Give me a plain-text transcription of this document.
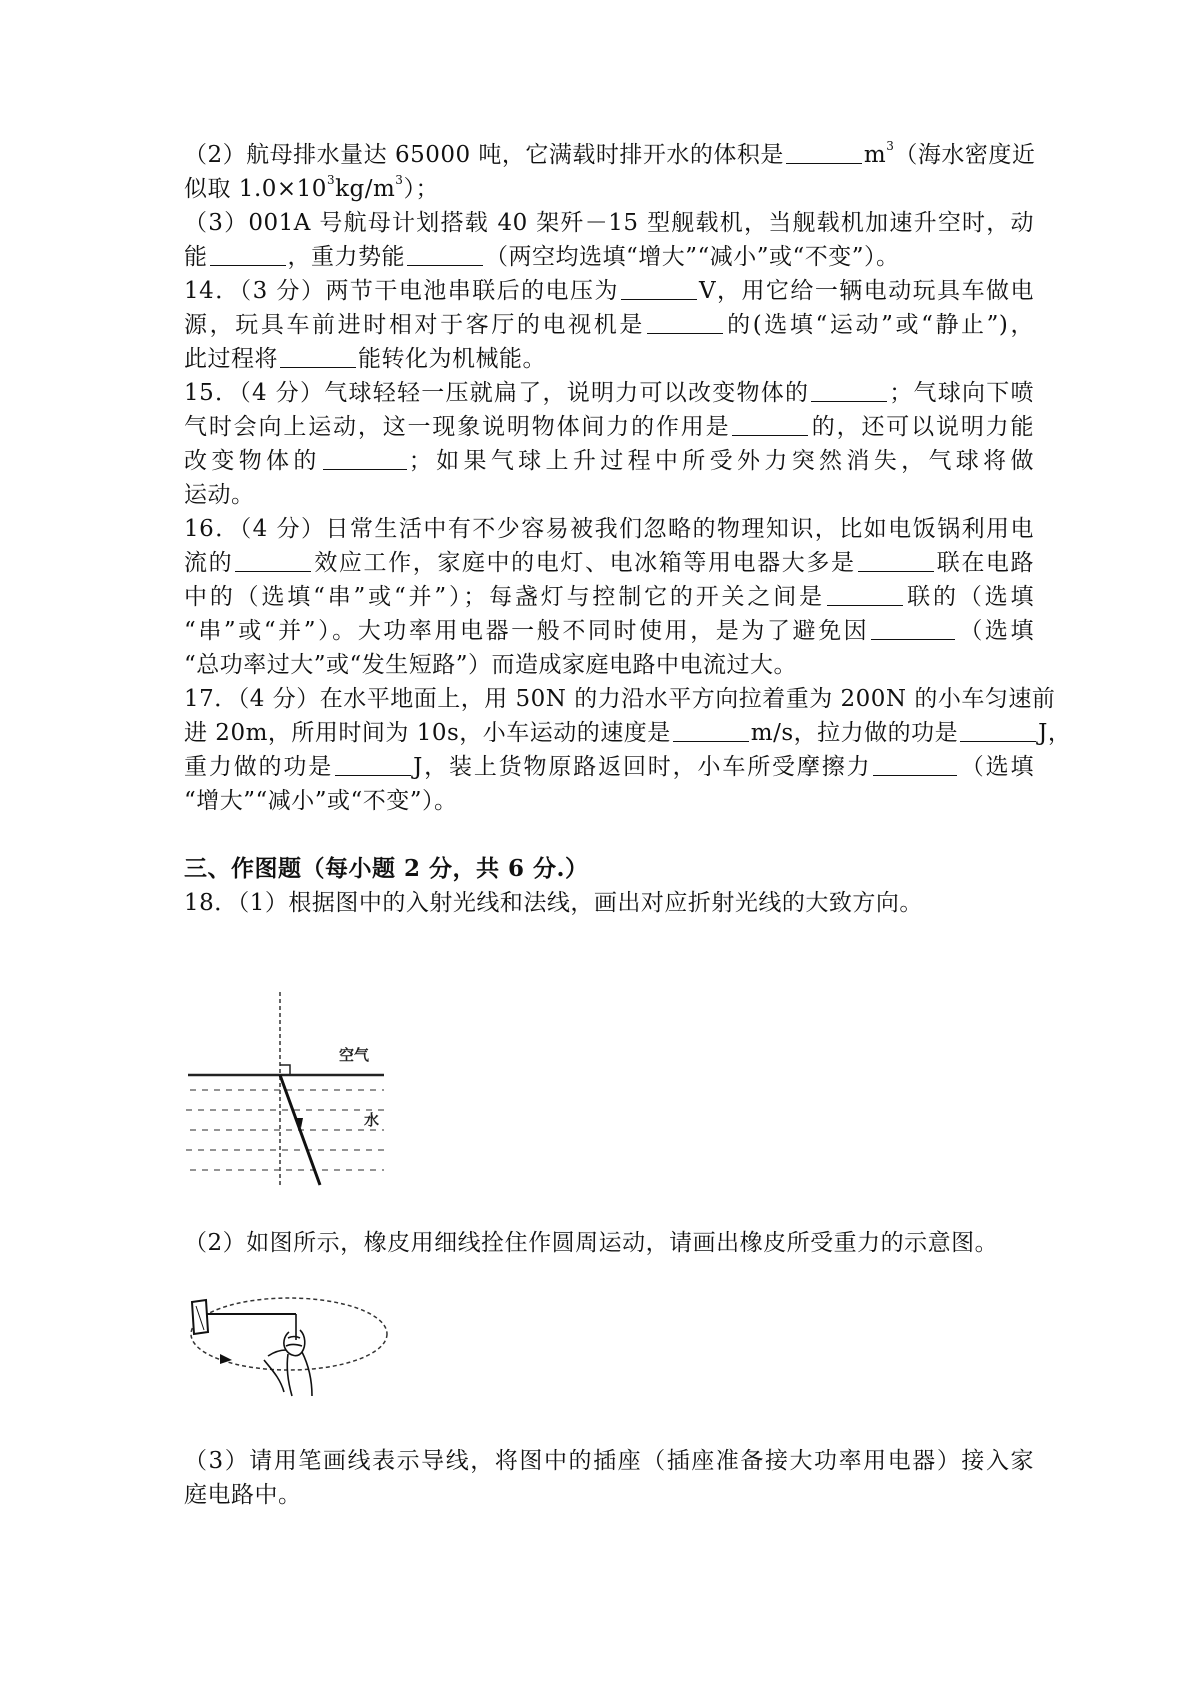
（2）航母排水量达 65000 吨，它满载时排开水的体积是	$m^3$（海水密度近
似取 $1.0\times 10^3kg/m^3$）；
（3）001A 号航母计划搭载 40 架歼－15 型舰载机，当舰载机加速升空时，动
能	，重力势能	（两空均选填“增大”“减小”或“不变”）。
14．（3 分）两节干电池串联后的电压为	V，用它给一辆电动玩具车做电
源，玩具车前进时相对于客厅的电视机是	的(选填“运动”或“静止”)，
此过程将	能转化为机械能。
15．（4 分）气球轻轻一压就扁了，说明力可以改变物体的	；气球向下喷
气时会向上运动，这一现象说明物体间力的作用是	的，还可以说明力能
改变物体的	；如果气球上升过程中所受外力突然消失，气球将做
运动。
16．（4 分）日常生活中有不少容易被我们忽略的物理知识，比如电饭锅利用电
流的	效应工作，家庭中的电灯、电冰箱等用电器大多是	联在电路
中的（选填“串”或“并”）；每盏灯与控制它的开关之间是	联的（选填
“串”或“并”）。大功率用电器一般不同时使用，是为了避免因	（选填
“总功率过大”或“发生短路”）而造成家庭电路中电流过大。
17．（4 分）在水平地面上，用 50N 的力沿水平方向拉着重为 200N 的小车匀速前
进 20m，所用时间为 10s，小车运动的速度是	m/s，拉力做的功是	J，
重力做的功是	J，装上货物原路返回时，小车所受摩擦力	（选填
“增大”“减小”或“不变”）。
三、作图题（每小题 2 分，共 6 分.）
18．（1）根据图中的入射光线和法线，画出对应折射光线的大致方向。
空气
水
（2）如图所示，橡皮用细线拴住作圆周运动，请画出橡皮所受重力的示意图。
（3）请用笔画线表示导线，将图中的插座（插座准备接大功率用电器）接入家
庭电路中。
